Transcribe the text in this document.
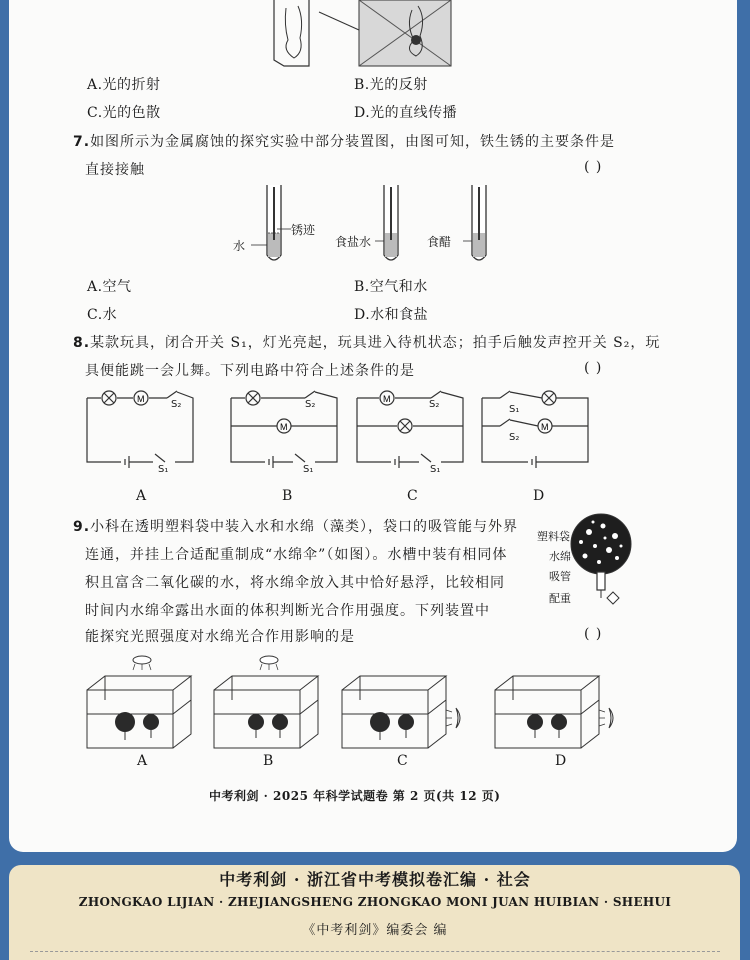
A.光的折射	B.光的反射
C.光的色散	D.光的直线传播
7.如图所示为金属腐蚀的探究实验中部分装置图，由图可知，铁生锈的主要条件是
直接接触	( )
水
锈迹
食盐水	食醋
A.空气	B.空气和水
C.水	D.水和食盐
8.某款玩具，闭合开关 S₁，灯光亮起，玩具进入待机状态；拍手后触发声控开关 S₂，玩
具便能跳一会儿舞。下列电路中符合上述条件的是	( )
M	S₂
S₁
A
M
S₂
S₁
B
M	S₂
S₁
C
M
S₁
S₂
D
9.小科在透明塑料袋中装入水和水绵（藻类），袋口的吸管能与外界
连通，并挂上合适配重制成“水绵伞”（如图）。水槽中装有相同体
积且富含二氧化碳的水，将水绵伞放入其中恰好悬浮，比较相同
时间内水绵伞露出水面的体积判断光合作用强度。下列装置中
能探究光照强度对水绵光合作用影响的是	( )
塑料袋
水绵
吸管
配重
A	B	C	D
中考利剑 · 2025 年科学试题卷 第 2 页(共 12 页)
中考利剑 · 浙江省中考模拟卷汇编 · 社会
ZHONGKAO LIJIAN · ZHEJIANGSHENG ZHONGKAO MONI JUAN HUIBIAN · SHEHUI
《中考利剑》编委会 编
